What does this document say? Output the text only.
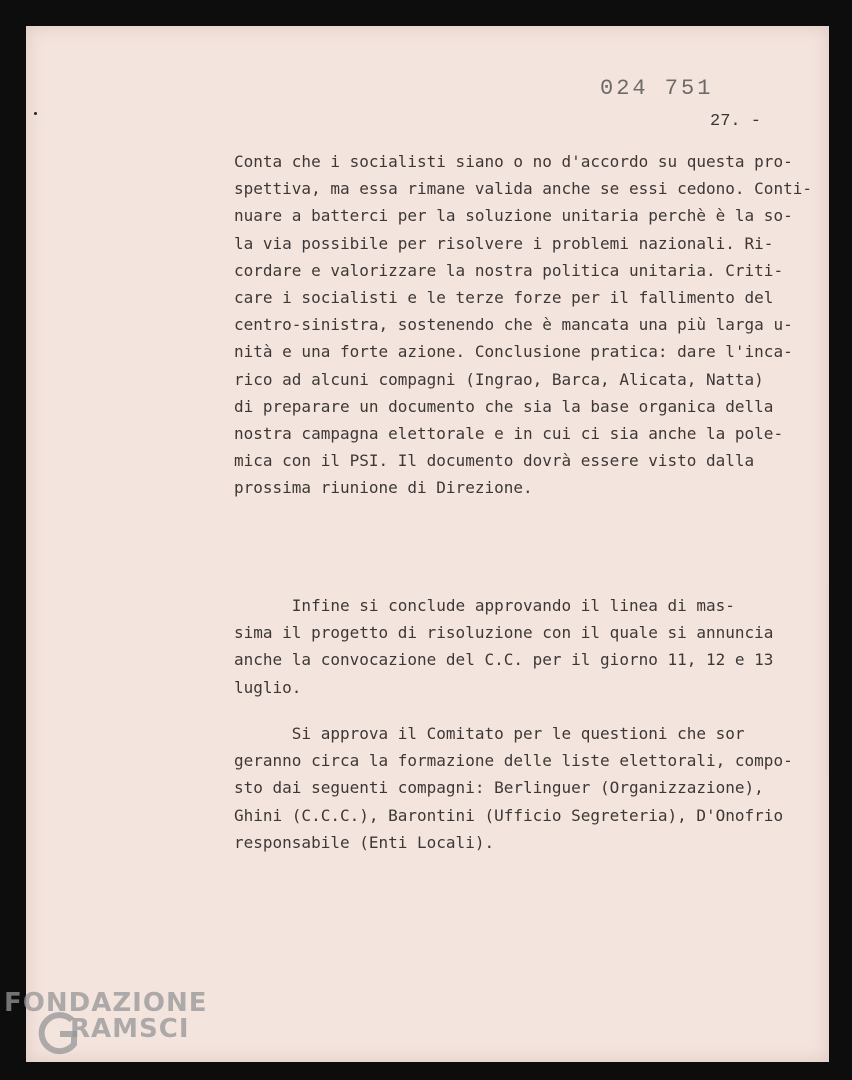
024 751
27. -
Conta che i socialisti siano o no d'accordo su questa pro-
spettiva, ma essa rimane valida anche se essi cedono. Conti-
nuare a batterci per la soluzione unitaria perchè è la so-
la via possibile per risolvere i problemi nazionali. Ri-
cordare e valorizzare la nostra politica unitaria. Criti-
care i socialisti e le terze forze per il fallimento del
centro-sinistra, sostenendo che è mancata una più larga u-
nità e una forte azione. Conclusione pratica: dare l'inca-
rico ad alcuni compagni (Ingrao, Barca, Alicata, Natta)
di preparare un documento che sia la base organica della
nostra campagna elettorale e in cui ci sia anche la pole-
mica con il PSI. Il documento dovrà essere visto dalla
prossima riunione di Direzione.
Infine si conclude approvando il linea di mas-
sima il progetto di risoluzione con il quale si annuncia
anche la convocazione del C.C. per il giorno 11, 12 e 13
luglio.
Si approva il Comitato per le questioni che sor
geranno circa la formazione delle liste elettorali, compo-
sto dai seguenti compagni: Berlinguer (Organizzazione),
Ghini (C.C.C.), Barontini (Ufficio Segreteria), D'Onofrio
responsabile (Enti Locali).
FONDAZIONE
RAMSCI
